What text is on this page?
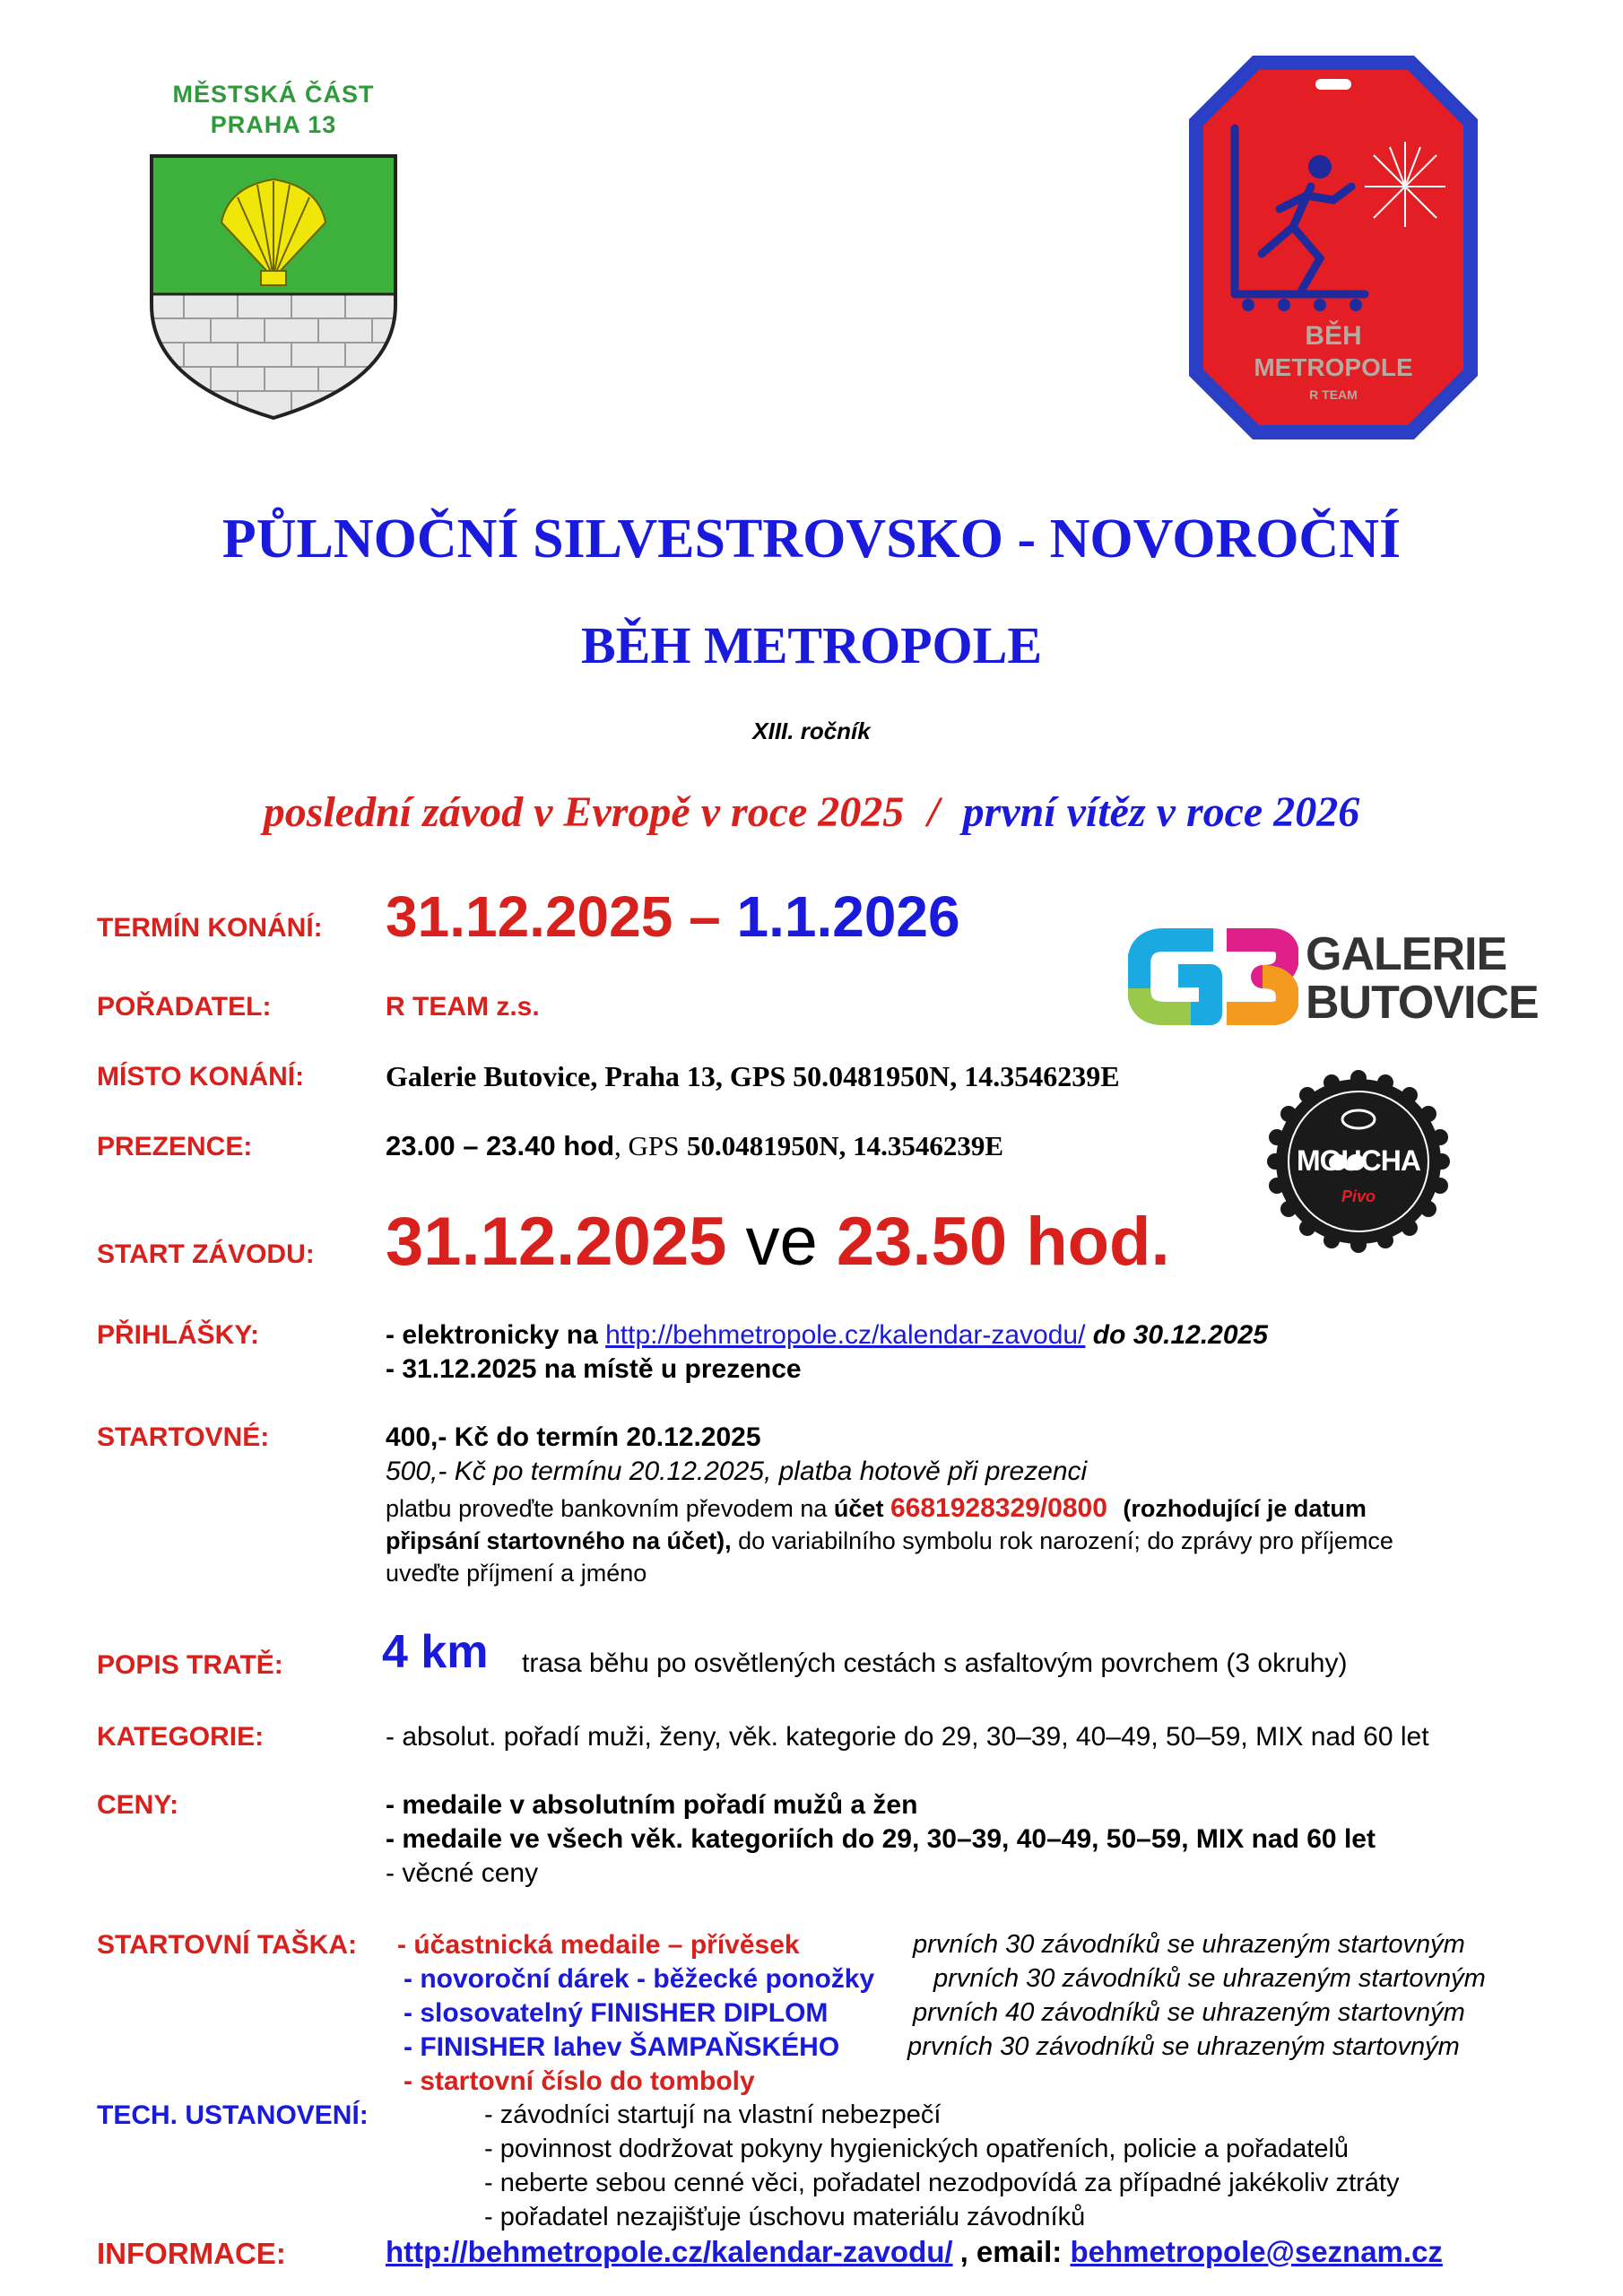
MĚSTSKÁ ČÁST
PRAHA 13
BĚH
METROPOLE
R TEAM
PŮLNOČNÍ SILVESTROVSKO - NOVOROČNÍ
BĚH METROPOLE
XIII. ročník
poslední závod v Evropě v roce 2025 / první vítěz v roce 2026
TERMÍN KONÁNÍ: 31.12.2025 – 1.1.2026
GALERIE
BUTOVICE
POŘADATEL:	R TEAM z.s.
MÍSTO KONÁNÍ:	Galerie Butovice, Praha 13, GPS 50.0481950N, 14.3546239E
MOUCHA
Pivo
PREZENCE:	23.00 – 23.40 hod, GPS 50.0481950N, 14.3546239E
START ZÁVODU: 31.12.2025 ve 23.50 hod.
PŘIHLÁŠKY:	- elektronicky na http://behmetropole.cz/kalendar-zavodu/ do 30.12.2025
- 31.12.2025 na místě u prezence
STARTOVNÉ:	400,- Kč do termín 20.12.2025
500,- Kč po termínu 20.12.2025, platba hotově při prezenci
platbu proveďte bankovním převodem na účet 6681928329/0800 (rozhodující je datum
připsání startovného na účet), do variabilního symbolu rok narození; do zprávy pro příjemce
uveďte příjmení a jméno
POPIS TRATĚ: 4 km trasa běhu po osvětlených cestách s asfaltovým povrchem (3 okruhy)
KATEGORIE:	- absolut. pořadí muži, ženy, věk. kategorie do 29, 30–39, 40–49, 50–59, MIX nad 60 let
CENY:	- medaile v absolutním pořadí mužů a žen
- medaile ve všech věk. kategoriích do 29, 30–39, 40–49, 50–59, MIX nad 60 let
- věcné ceny
STARTOVNÍ TAŠKA: - účastnická medaile – přívěsek	prvních 30 závodníků se uhrazeným startovným
- novoroční dárek - běžecké ponožky prvních 30 závodníků se uhrazeným startovným
- slosovatelný FINISHER DIPLOM	prvních 40 závodníků se uhrazeným startovným
- FINISHER lahev ŠAMPAŇSKÉHO	prvních 30 závodníků se uhrazeným startovným
- startovní číslo do tomboly
TECH. USTANOVENÍ:	- závodníci startují na vlastní nebezpečí
- povinnost dodržovat pokyny hygienických opatřeních, policie a pořadatelů
- neberte sebou cenné věci, pořadatel nezodpovídá za případné jakékoliv ztráty
- pořadatel nezajišťuje úschovu materiálu závodníků
INFORMACE:	http://behmetropole.cz/kalendar-zavodu/ , email: behmetropole@seznam.cz
